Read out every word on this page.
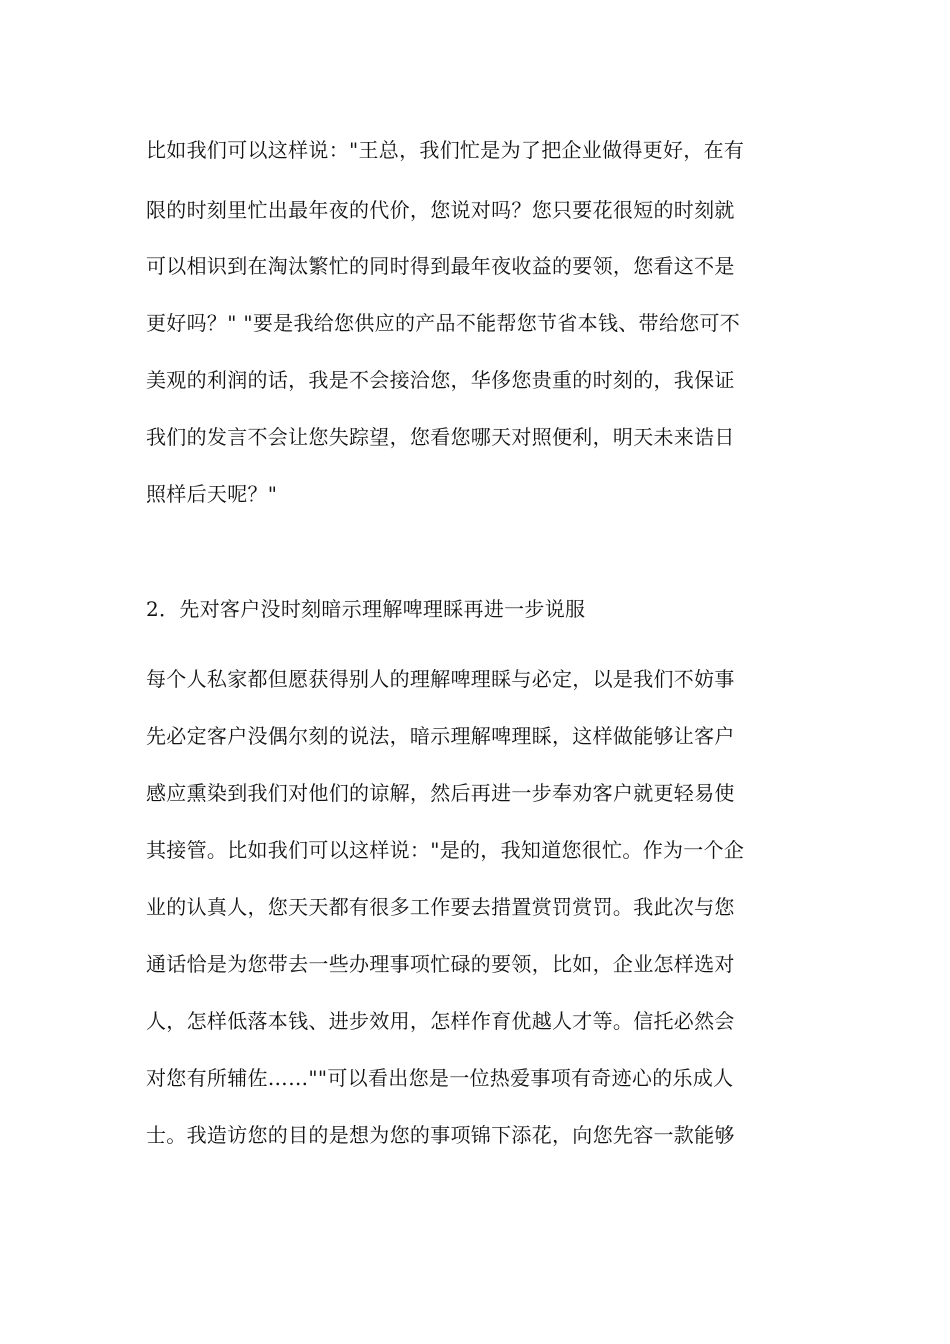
比如我们可以这样说："王总，我们忙是为了把企业做得更好，在有
限的时刻里忙出最年夜的代价，您说对吗？您只要花很短的时刻就
可以相识到在淘汰繁忙的同时得到最年夜收益的要领，您看这不是
更好吗？" "要是我给您供应的产品不能帮您节省本钱、带给您可不
美观的利润的话，我是不会接洽您，华侈您贵重的时刻的，我保证
我们的发言不会让您失踪望，您看您哪天对照便利，明天未来诰日
照样后天呢？"
2．先对客户没时刻暗示理解啤理睬再进一步说服
每个人私家都但愿获得别人的理解啤理睬与必定，以是我们不妨事
先必定客户没偶尔刻的说法，暗示理解啤理睬，这样做能够让客户
感应熏染到我们对他们的谅解，然后再进一步奉劝客户就更轻易使
其接管。比如我们可以这样说："是的，我知道您很忙。作为一个企
业的认真人，您天天都有很多工作要去措置赏罚赏罚。我此次与您
通话恰是为您带去一些办理事项忙碌的要领，比如，企业怎样选对
人，怎样低落本钱、进步效用，怎样作育优越人才等。信托必然会
对您有所辅佐……""可以看出您是一位热爱事项有奇迹心的乐成人
士。我造访您的目的是想为您的事项锦下添花，向您先容一款能够
